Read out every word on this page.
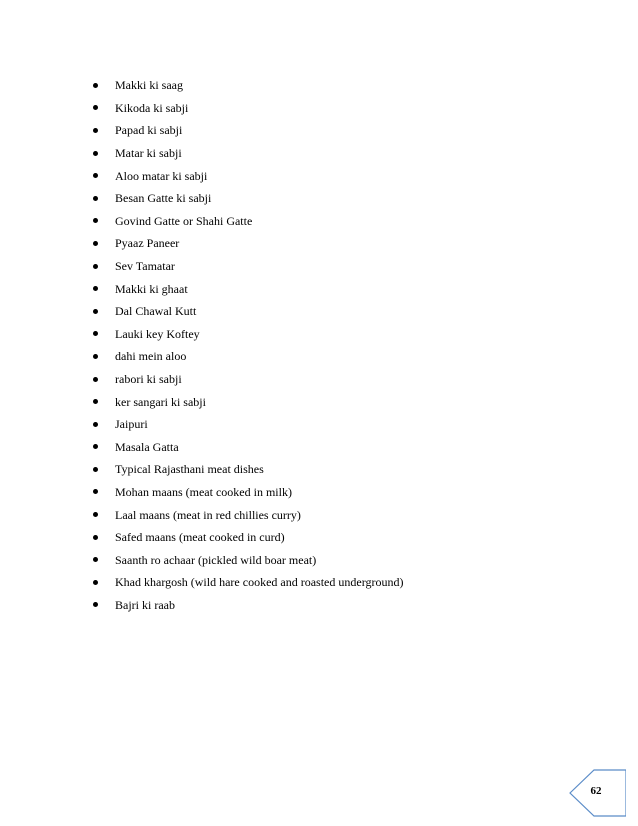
Makki ki saag
Kikoda ki sabji
Papad ki sabji
Matar ki sabji
Aloo matar ki sabji
Besan Gatte ki sabji
Govind Gatte or Shahi Gatte
Pyaaz Paneer
Sev Tamatar
Makki ki ghaat
Dal Chawal Kutt
Lauki key Koftey
dahi mein aloo
rabori ki sabji
ker sangari ki sabji
Jaipuri
Masala Gatta
Typical Rajasthani meat dishes
Mohan maans (meat cooked in milk)
Laal maans (meat in red chillies curry)
Safed maans (meat cooked in curd)
Saanth ro achaar (pickled wild boar meat)
Khad khargosh (wild hare cooked and roasted underground)
Bajri ki raab
62
